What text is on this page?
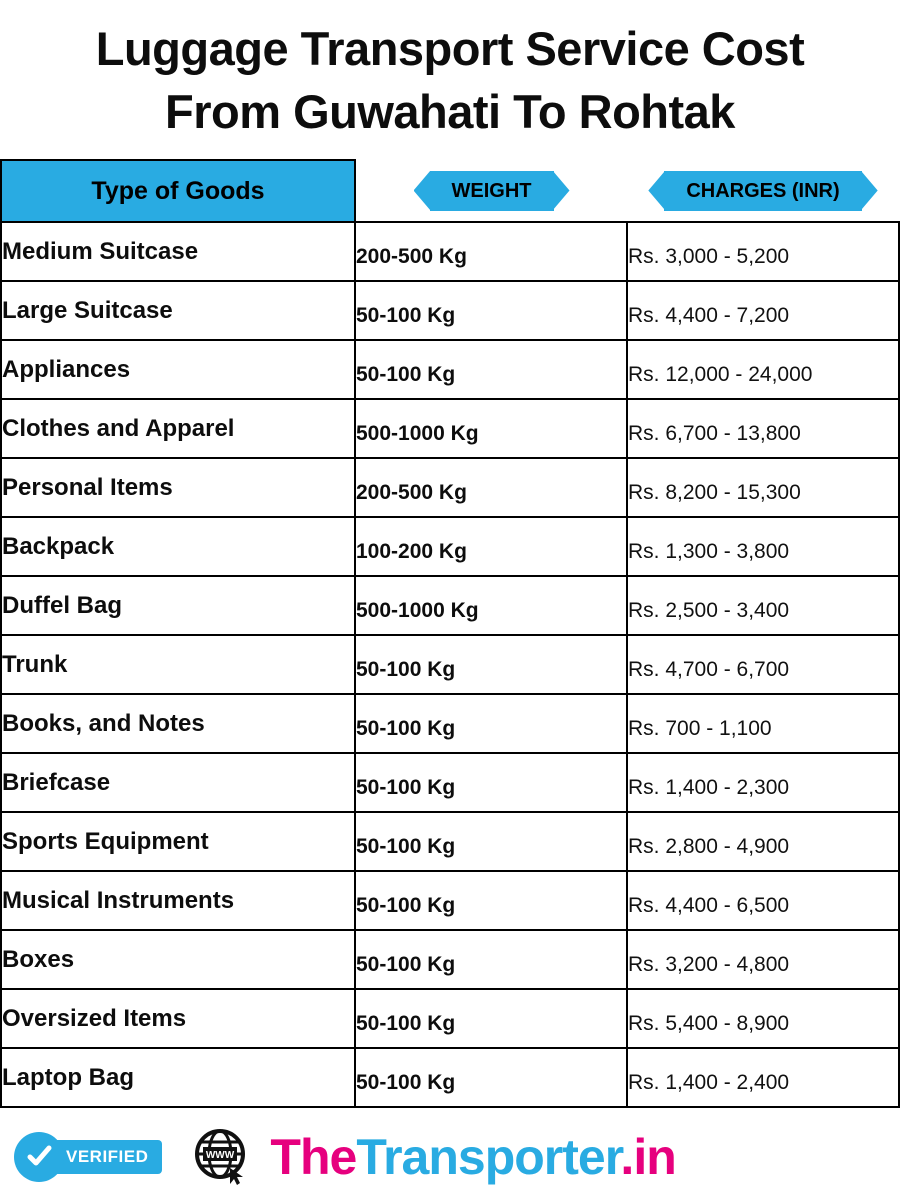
Luggage Transport Service Cost
From Guwahati To Rohtak
Type of Goods	WEIGHT	CHARGES (INR)
Medium Suitcase	200-500 Kg	Rs. 3,000 - 5,200
Large Suitcase	50-100 Kg	Rs. 4,400 - 7,200
Appliances	50-100 Kg	Rs. 12,000 - 24,000
Clothes and Apparel	500-1000 Kg	Rs. 6,700 - 13,800
Personal Items	200-500 Kg	Rs. 8,200 - 15,300
Backpack	100-200 Kg	Rs. 1,300 - 3,800
Duffel Bag	500-1000 Kg	Rs. 2,500 - 3,400
Trunk	50-100 Kg	Rs. 4,700 - 6,700
Books, and Notes	50-100 Kg	Rs. 700 - 1,100
Briefcase	50-100 Kg	Rs. 1,400 - 2,300
Sports Equipment	50-100 Kg	Rs. 2,800 - 4,900
Musical Instruments	50-100 Kg	Rs. 4,400 - 6,500
Boxes	50-100 Kg	Rs. 3,200 - 4,800
Oversized Items	50-100 Kg	Rs. 5,400 - 8,900
Laptop Bag	50-100 Kg	Rs. 1,400 - 2,400
VERIFIED	WWW TheTransporter.in
